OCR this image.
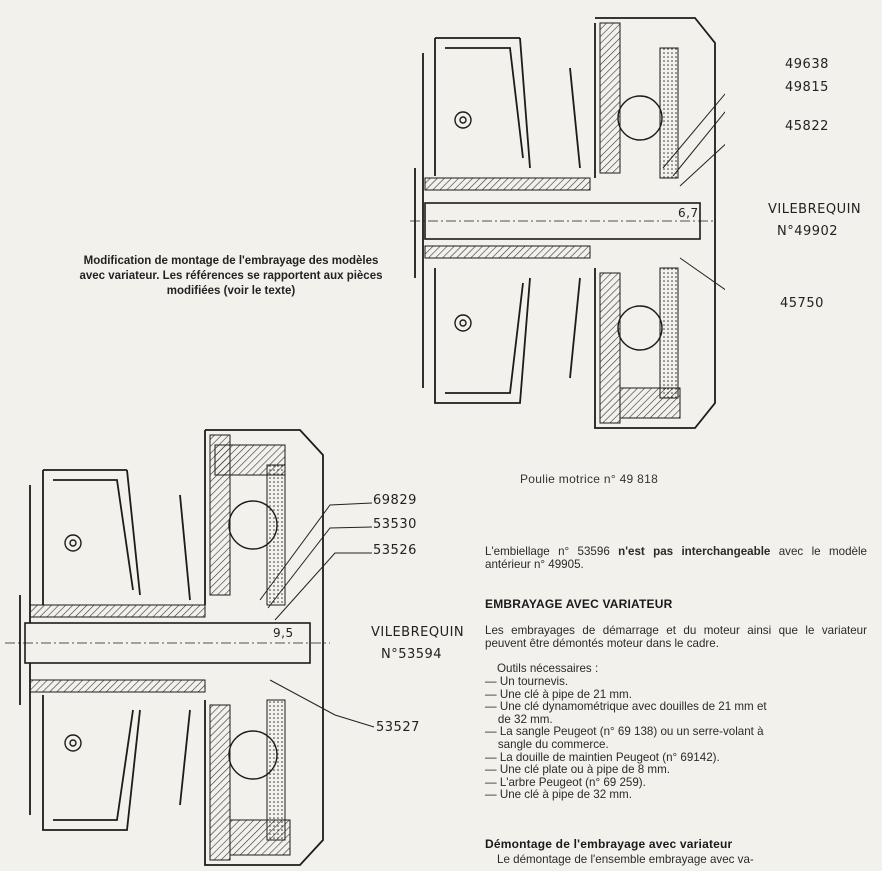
49638
49815
45822
45750
VILEBREQUIN
N°49902
6,7
Modification de montage de l'embrayage des modèles avec variateur. Les références se rapportent aux pièces modifiées (voir le texte)
69829
53530
53526
53527
VILEBREQUIN
N°53594
9,5
Poulie motrice n° 49 818
L'embiellage n° 53596 n'est pas interchangeable avec le modèle antérieur n° 49905.
EMBRAYAGE AVEC VARIATEUR
Les embrayages de démarrage et du moteur ainsi que le variateur peuvent être démontés moteur dans le cadre.
Outils nécessaires :
— Un tournevis.
— Une clé à pipe de 21 mm.
— Une clé dynamométrique avec douilles de 21 mm et
de 32 mm.
— La sangle Peugeot (n° 69 138) ou un serre-volant à
sangle du commerce.
— La douille de maintien Peugeot (n° 69142).
— Une clé plate ou à pipe de 8 mm.
— L'arbre Peugeot (n° 69 259).
— Une clé à pipe de 32 mm.
Démontage de l'embrayage avec variateur
Le démontage de l'ensemble embrayage avec va-
